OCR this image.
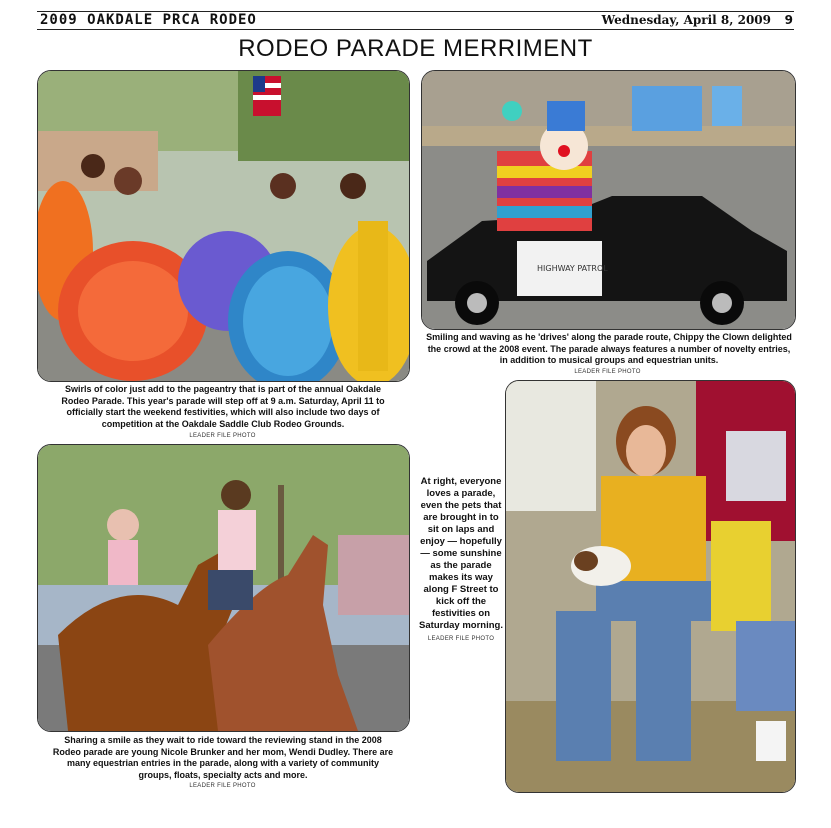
2009 OAKDALE PRCA RODEO	Wednesday, April 8, 2009 9
RODEO PARADE MERRIMENT
Swirls of color just add to the pageantry that is part of the annual Oakdale Rodeo Parade. This year's parade will step off at 9 a.m. Saturday, April 11 to officially start the weekend festivities, which will also include two days of competition at the Oakdale Saddle Club Rodeo Grounds.
LEADER FILE PHOTO
HIGHWAY PATROL
Smiling and waving as he 'drives' along the parade route, Chippy the Clown delighted the crowd at the 2008 event. The parade always features a number of novelty entries, in addition to musical groups and equestrian units.
LEADER FILE PHOTO
Sharing a smile as they wait to ride toward the reviewing stand in the 2008 Rodeo parade are young Nicole Brunker and her mom, Wendi Dudley. There are many equestrian entries in the parade, along with a variety of community groups, floats, specialty acts and more.
LEADER FILE PHOTO
At right, everyone loves a parade, even the pets that are brought in to sit on laps and enjoy — hopefully — some sunshine as the parade makes its way along F Street to kick off the festivities on Saturday morning.
LEADER FILE PHOTO
